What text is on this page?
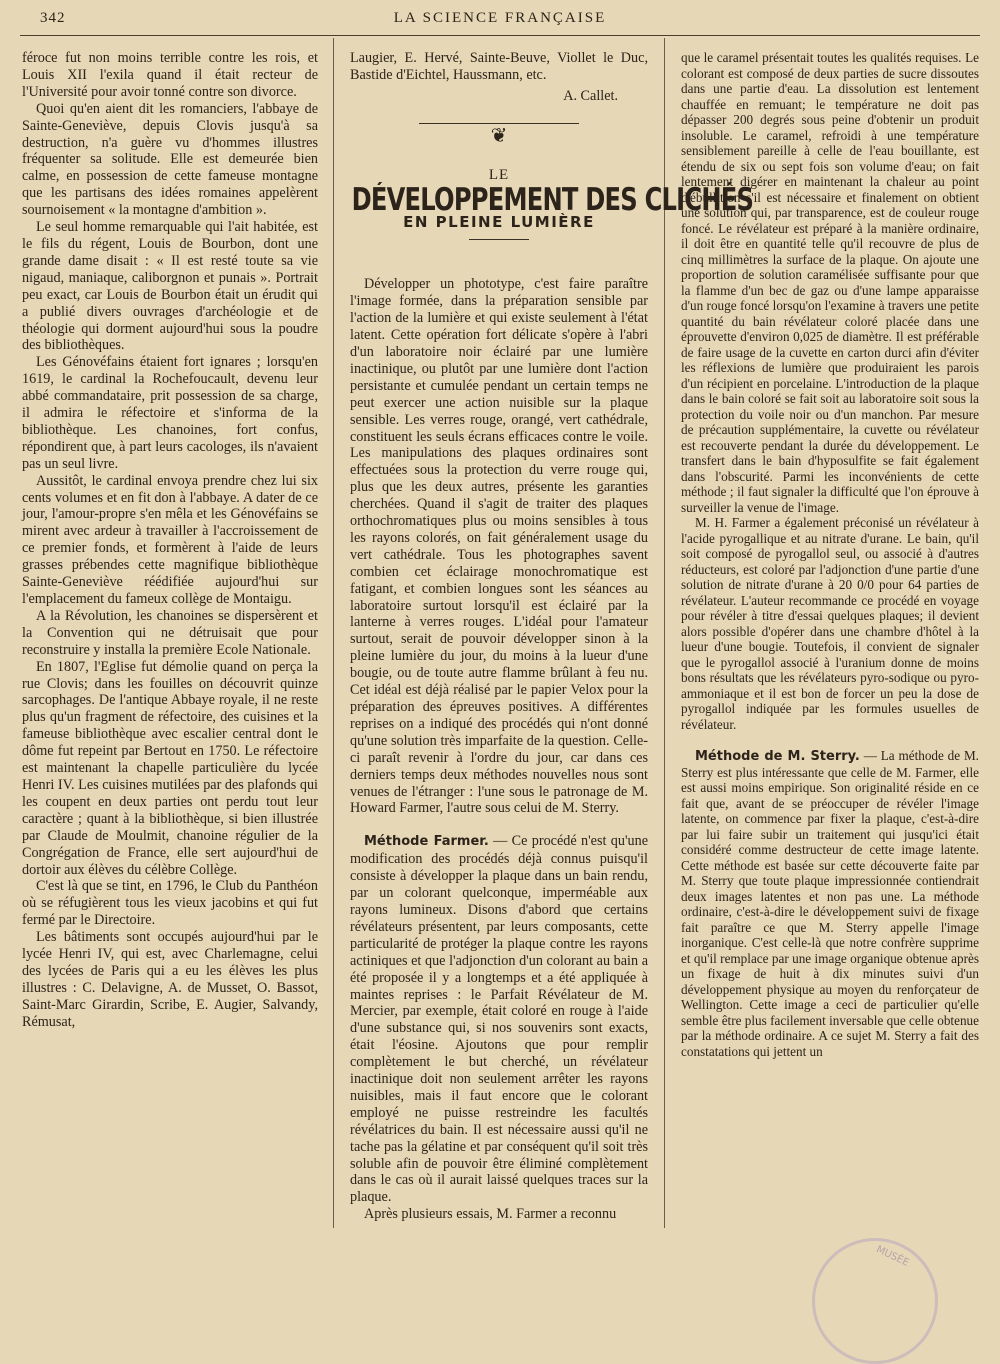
342	LA SCIENCE FRANÇAISE

féroce fut non moins terrible contre les rois, et Louis XII l'exila quand il était recteur de l'Université pour avoir tonné contre son divorce.

Quoi qu'en aient dit les romanciers, l'abbaye de Sainte-Geneviève, depuis Clovis jusqu'à sa destruction, n'a guère vu d'hommes illustres fréquenter sa solitude. Elle est demeurée bien calme, en possession de cette fameuse montagne que les partisans des idées romaines appelèrent sournoisement « la montagne d'ambition ».

Le seul homme remarquable qui l'ait habitée, est le fils du régent, Louis de Bourbon, dont une grande dame disait : « Il est resté toute sa vie nigaud, maniaque, caliborgnon et punais ». Portrait peu exact, car Louis de Bourbon était un érudit qui a publié divers ouvrages d'archéologie et de théologie qui dorment aujourd'hui sous la poudre des bibliothèques.

Les Génovéfains étaient fort ignares ; lorsqu'en 1619, le cardinal la Rochefoucault, devenu leur abbé commandataire, prit possession de sa charge, il admira le réfectoire et s'informa de la bibliothèque. Les chanoines, fort confus, répondirent que, à part leurs cacologes, ils n'avaient pas un seul livre.

Aussitôt, le cardinal envoya prendre chez lui six cents volumes et en fit don à l'abbaye. A dater de ce jour, l'amour-propre s'en mêla et les Génovéfains se mirent avec ardeur à travailler à l'accroissement de ce premier fonds, et formèrent à l'aide de leurs grasses prébendes cette magnifique bibliothèque Sainte-Geneviève réédifiée aujourd'hui sur l'emplacement du fameux collège de Montaigu.

A la Révolution, les chanoines se dispersèrent et la Convention qui ne détruisait que pour reconstruire y installa la première Ecole Nationale.

En 1807, l'Eglise fut démolie quand on perça la rue Clovis; dans les fouilles on découvrit quinze sarcophages. De l'antique Abbaye royale, il ne reste plus qu'un fragment de réfectoire, des cuisines et la fameuse bibliothèque avec escalier central dont le dôme fut repeint par Bertout en 1750. Le réfectoire est maintenant la chapelle particulière du lycée Henri IV. Les cuisines mutilées par des plafonds qui les coupent en deux parties ont perdu tout leur caractère ; quant à la bibliothèque, si bien illustrée par Claude de Moulmit, chanoine régulier de la Congrégation de France, elle sert aujourd'hui de dortoir aux élèves du célèbre Collège.

C'est là que se tint, en 1796, le Club du Panthéon où se réfugièrent tous les vieux jacobins et qui fut fermé par le Directoire.

Les bâtiments sont occupés aujourd'hui par le lycée Henri IV, qui est, avec Charlemagne, celui des lycées de Paris qui a eu les élèves les plus illustres : C. Delavigne, A. de Musset, O. Bassot, Saint-Marc Girardin, Scribe, E. Augier, Salvandy, Rémusat,

Laugier, E. Hervé, Sainte-Beuve, Viollet le Duc, Bastide d'Eichtel, Haussmann, etc.

A. Callet.
❦
LE
DÉVELOPPEMENT DES CLICHÉS
EN PLEINE LUMIÈRE

Développer un phototype, c'est faire paraître l'image formée, dans la préparation sensible par l'action de la lumière et qui existe seulement à l'état latent. Cette opération fort délicate s'opère à l'abri d'un laboratoire noir éclairé par une lumière inactinique, ou plutôt par une lumière dont l'action persistante et cumulée pendant un certain temps ne peut exercer une action nuisible sur la plaque sensible. Les verres rouge, orangé, vert cathédrale, constituent les seuls écrans efficaces contre le voile. Les manipulations des plaques ordinaires sont effectuées sous la protection du verre rouge qui, plus que les deux autres, présente les garanties cherchées. Quand il s'agit de traiter des plaques orthochromatiques plus ou moins sensibles à tous les rayons colorés, on fait généralement usage du vert cathédrale. Tous les photographes savent combien cet éclairage monochromatique est fatigant, et combien longues sont les séances au laboratoire surtout lorsqu'il est éclairé par la lanterne à verres rouges. L'idéal pour l'amateur surtout, serait de pouvoir développer sinon à la pleine lumière du jour, du moins à la lueur d'une bougie, ou de toute autre flamme brûlant à feu nu. Cet idéal est déjà réalisé par le papier Velox pour la préparation des épreuves positives. A différentes reprises on a indiqué des procédés qui n'ont donné qu'une solution très imparfaite de la question. Celle-ci paraît revenir à l'ordre du jour, car dans ces derniers temps deux méthodes nouvelles nous sont venues de l'étranger : l'une sous le patronage de M. Howard Farmer, l'autre sous celui de M. Sterry.

Méthode Farmer. — Ce procédé n'est qu'une modification des procédés déjà connus puisqu'il consiste à développer la plaque dans un bain rendu, par un colorant quelconque, imperméable aux rayons lumineux. Disons d'abord que certains révélateurs présentent, par leurs composants, cette particularité de protéger la plaque contre les rayons actiniques et que l'adjonction d'un colorant au bain a été proposée il y a longtemps et a été appliquée à maintes reprises : le Parfait Révélateur de M. Mercier, par exemple, était coloré en rouge à l'aide d'une substance qui, si nos souvenirs sont exacts, était l'éosine. Ajoutons que pour remplir complètement le but cherché, un révélateur inactinique doit non seulement arrêter les rayons nuisibles, mais il faut encore que le colorant employé ne puisse restreindre les facultés révélatrices du bain. Il est nécessaire aussi qu'il ne tache pas la gélatine et par conséquent qu'il soit très soluble afin de pouvoir être éliminé complètement dans le cas où il aurait laissé quelques traces sur la plaque.

Après plusieurs essais, M. Farmer a reconnu

que le caramel présentait toutes les qualités requises. Le colorant est composé de deux parties de sucre dissoutes dans une partie d'eau. La dissolution est lentement chauffée en remuant; le température ne doit pas dépasser 200 degrés sous peine d'obtenir un produit insoluble. Le caramel, refroidi à une température sensiblement pareille à celle de l'eau bouillante, est étendu de six ou sept fois son volume d'eau; on fait lentement digérer en maintenant la chaleur au point d'ébullition s'il est nécessaire et finalement on obtient une solution qui, par transparence, est de couleur rouge foncé. Le révélateur est préparé à la manière ordinaire, il doit être en quantité telle qu'il recouvre de plus de cinq millimètres la surface de la plaque. On ajoute une proportion de solution caramélisée suffisante pour que la flamme d'un bec de gaz ou d'une lampe apparaisse d'un rouge foncé lorsqu'on l'examine à travers une petite quantité du bain révélateur coloré placée dans une éprouvette d'environ 0,025 de diamètre. Il est préférable de faire usage de la cuvette en carton durci afin d'éviter les réflexions de lumière que produiraient les parois d'un récipient en porcelaine. L'introduction de la plaque dans le bain coloré se fait soit au laboratoire soit sous la protection du voile noir ou d'un manchon. Par mesure de précaution supplémentaire, la cuvette ou révélateur est recouverte pendant la durée du développement. Le transfert dans le bain d'hyposulfite se fait également dans l'obscurité. Parmi les inconvénients de cette méthode ; il faut signaler la difficulté que l'on éprouve à surveiller la venue de l'image.

M. H. Farmer a également préconisé un révélateur à l'acide pyrogallique et au nitrate d'urane. Le bain, qu'il soit composé de pyrogallol seul, ou associé à d'autres réducteurs, est coloré par l'adjonction d'une partie d'une solution de nitrate d'urane à 20 0/0 pour 64 parties de révélateur. L'auteur recommande ce procédé en voyage pour révéler à titre d'essai quelques plaques; il devient alors possible d'opérer dans une chambre d'hôtel à la lueur d'une bougie. Toutefois, il convient de signaler que le pyrogallol associé à l'uranium donne de moins bons résultats que les révélateurs pyro-sodique ou pyro-ammoniaque et il est bon de forcer un peu la dose de pyrogallol indiquée par les formules usuelles de révélateur.

Méthode de M. Sterry. — La méthode de M. Sterry est plus intéressante que celle de M. Farmer, elle est aussi moins empirique. Son originalité réside en ce fait que, avant de se préoccuper de révéler l'image latente, on commence par fixer la plaque, c'est-à-dire par lui faire subir un traitement qui jusqu'ici était considéré comme destructeur de cette image latente. Cette méthode est basée sur cette découverte faite par M. Sterry que toute plaque impressionnée contiendrait deux images latentes et non pas une. La méthode ordinaire, c'est-à-dire le développement suivi de fixage fait paraître ce que M. Sterry appelle l'image inorganique. C'est celle-là que notre confrère supprime et qu'il remplace par une image organique obtenue après un fixage de huit à dix minutes suivi d'un développement physique au moyen du renforçateur de Wellington. Cette image a ceci de particulier qu'elle semble être plus facilement inversable que celle obtenue par la méthode ordinaire. A ce sujet M. Sterry a fait des constatations qui jettent un

MUSÉE
